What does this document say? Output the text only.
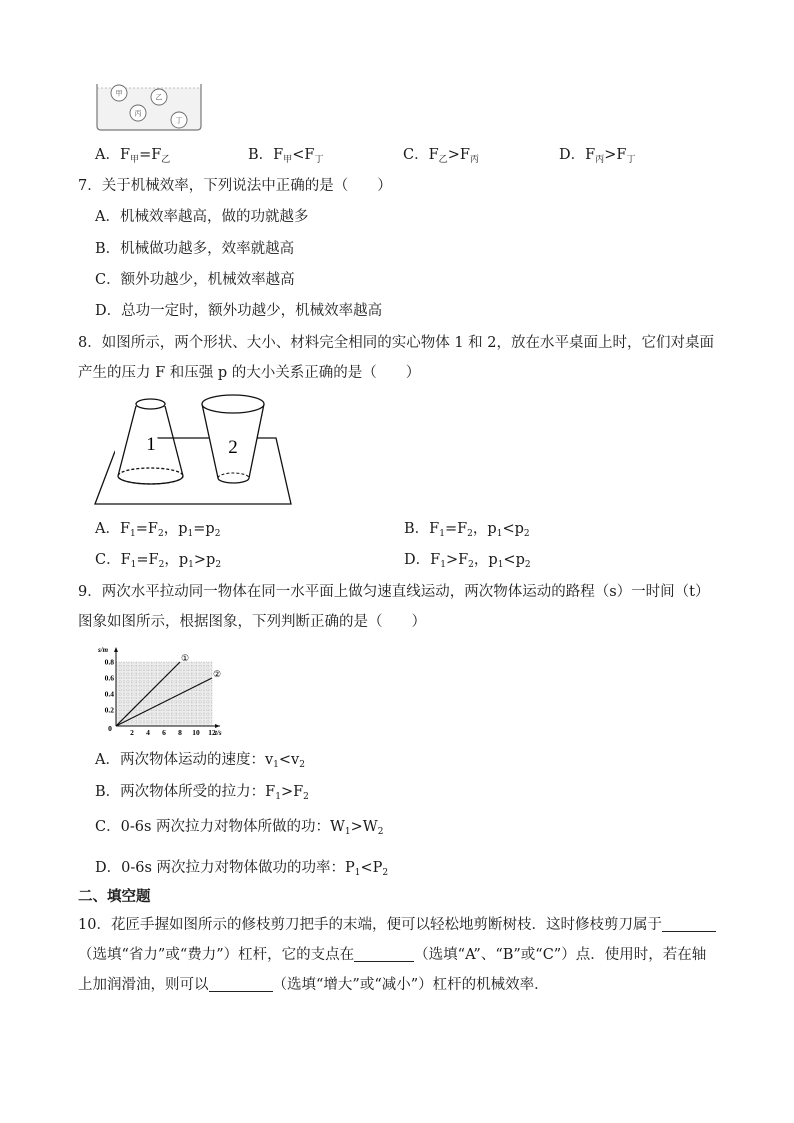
甲	乙
丙
丁
A．$F_甲=F_乙$	B．$F_甲<F_丁$	C．$F_乙>F_丙$	D．$F_丙>F_丁$
7．关于机械效率，下列说法中正确的是（　　）
A．机械效率越高，做的功就越多
B．机械做功越多，效率就越高
C．额外功越少，机械效率越高
D．总功一定时，额外功越少，机械效率越高
8．如图所示，两个形状、大小、材料完全相同的实心物体 1 和 2，放在水平桌面上时，它们对桌面
产生的压力 F 和压强 p 的大小关系正确的是（　　）
1	2
A．$F_1=F_2$，$p_1=p_2$	B．$F_1=F_2$，$p_1<p_2$
C．$F_1=F_2$，$p_1>p_2$	D．$F_1>F_2$，$p_1<p_2$
9．两次水平拉动同一物体在同一水平面上做匀速直线运动，两次物体运动的路程（s）一时间（t）
图象如图所示，根据图象，下列判断正确的是（　　）
2 4 6 8 10 12
0.2
0.4
0.6
0.8
0	t/s
s/m
①
②
A．两次物体运动的速度：$v_1<v_2$
B．两次物体所受的拉力：$F_1>F_2$
C．0-6s 两次拉力对物体所做的功：$W_1>W_2$
D．0-6s 两次拉力对物体做功的功率：$P_1<P_2$
二、填空题
10．花匠手握如图所示的修枝剪刀把手的末端，便可以轻松地剪断树枝．这时修枝剪刀属于
（选填“省力”或“费力”）杠杆，它的支点在	（选填“A”、“B”或“C”）点．使用时，若在轴
上加润滑油，则可以	（选填“增大”或“减小”）杠杆的机械效率．
